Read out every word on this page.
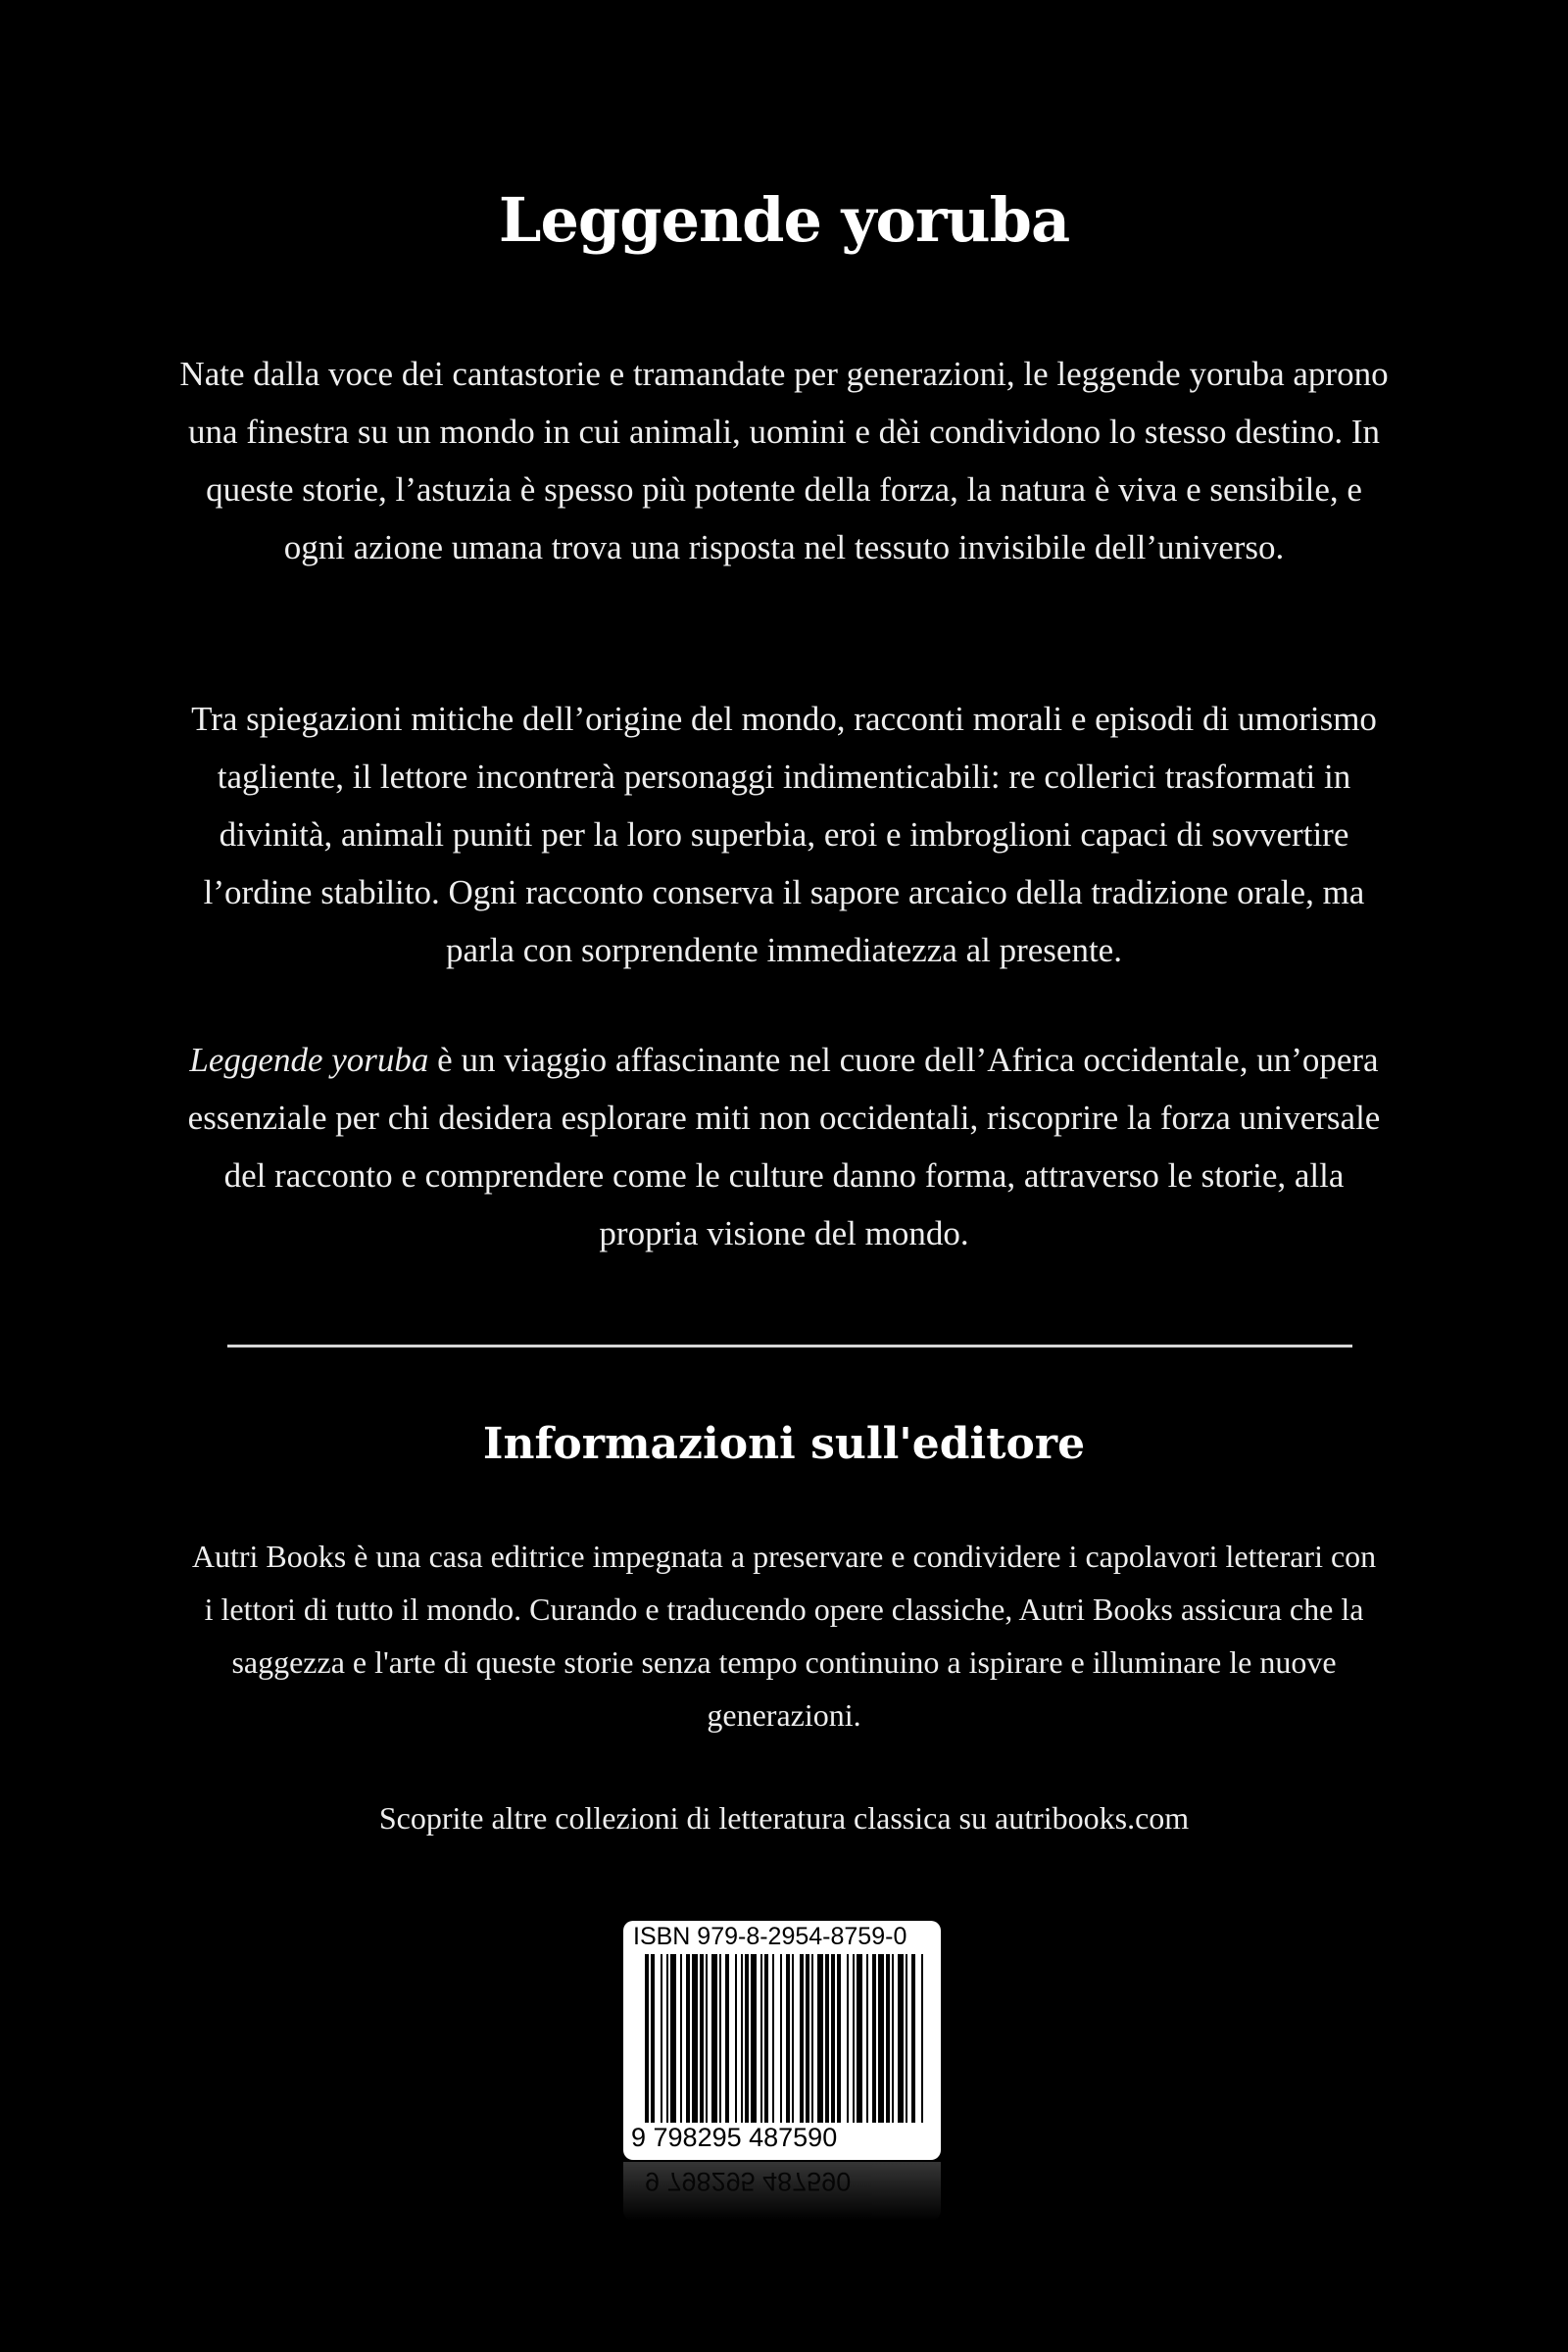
Leggende yoruba

Nate dalla voce dei cantastorie e tramandate per generazioni, le leggende yoruba aprono una finestra su un mondo in cui animali, uomini e dèi condividono lo stesso destino. In queste storie, l’astuzia è spesso più potente della forza, la natura è viva e sensibile, e ogni azione umana trova una risposta nel tessuto invisibile dell’universo.

Tra spiegazioni mitiche dell’origine del mondo, racconti morali e episodi di umorismo tagliente, il lettore incontrerà personaggi indimenticabili: re collerici trasformati in divinità, animali puniti per la loro superbia, eroi e imbroglioni capaci di sovvertire l’ordine stabilito. Ogni racconto conserva il sapore arcaico della tradizione orale, ma parla con sorprendente immediatezza al presente.

Leggende yoruba è un viaggio affascinante nel cuore dell’Africa occidentale, un’opera essenziale per chi desidera esplorare miti non occidentali, riscoprire la forza universale del racconto e comprendere come le culture danno forma, attraverso le storie, alla propria visione del mondo.

Informazioni sull'editore

Autri Books è una casa editrice impegnata a preservare e condividere i capolavori letterari con i lettori di tutto il mondo. Curando e traducendo opere classiche, Autri Books assicura che la saggezza e l'arte di queste storie senza tempo continuino a ispirare e illuminare le nuove generazioni.

Scoprite altre collezioni di letteratura classica su autribooks.com

ISBN 979-8-2954-8759-0
9 798295 487590
9 798295 487590
